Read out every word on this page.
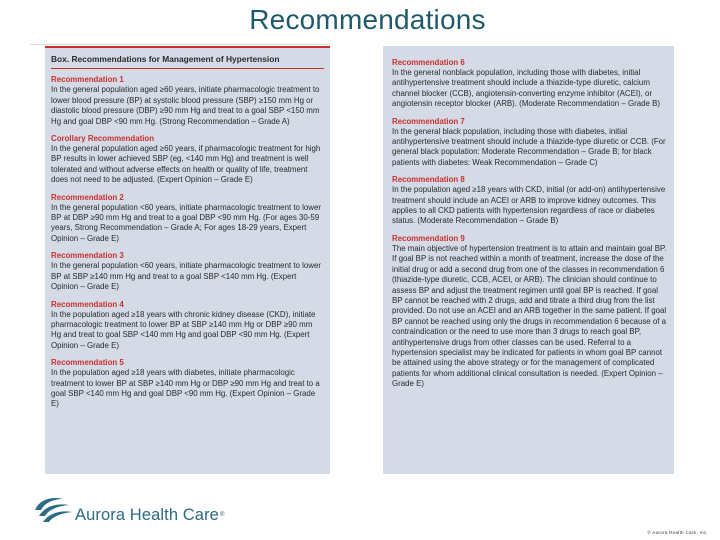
Recommendations
Box. Recommendations for Management of Hypertension
Recommendation 1
In the general population aged ≥60 years, initiate pharmacologic treatment to lower blood pressure (BP) at systolic blood pressure (SBP) ≥150 mm Hg or diastolic blood pressure (DBP) ≥90 mm Hg and treat to a goal SBP <150 mm Hg and goal DBP <90 mm Hg. (Strong Recommendation – Grade A)
Corollary Recommendation
In the general population aged ≥60 years, if pharmacologic treatment for high BP results in lower achieved SBP (eg, <140 mm Hg) and treatment is well tolerated and without adverse effects on health or quality of life, treatment does not need to be adjusted. (Expert Opinion – Grade E)
Recommendation 2
In the general population <60 years, initiate pharmacologic treatment to lower BP at DBP ≥90 mm Hg and treat to a goal DBP <90 mm Hg. (For ages 30-59 years, Strong Recommendation – Grade A; For ages 18-29 years, Expert Opinion – Grade E)
Recommendation 3
In the general population <60 years, initiate pharmacologic treatment to lower BP at SBP ≥140 mm Hg and treat to a goal SBP <140 mm Hg. (Expert Opinion – Grade E)
Recommendation 4
In the population aged ≥18 years with chronic kidney disease (CKD), initiate pharmacologic treatment to lower BP at SBP ≥140 mm Hg or DBP ≥90 mm Hg and treat to goal SBP <140 mm Hg and goal DBP <90 mm Hg. (Expert Opinion – Grade E)
Recommendation 5
In the population aged ≥18 years with diabetes, initiate pharmacologic treatment to lower BP at SBP ≥140 mm Hg or DBP ≥90 mm Hg and treat to a goal SBP <140 mm Hg and goal DBP <90 mm Hg. (Expert Opinion – Grade E)
Recommendation 6
In the general nonblack population, including those with diabetes, initial antihypertensive treatment should include a thiazide-type diuretic, calcium channel blocker (CCB), angiotensin-converting enzyme inhibitor (ACEI), or angiotensin receptor blocker (ARB). (Moderate Recommendation – Grade B)
Recommendation 7
In the general black population, including those with diabetes, initial antihypertensive treatment should include a thiazide-type diuretic or CCB. (For general black population: Moderate Recommendation – Grade B; for black patients with diabetes: Weak Recommendation – Grade C)
Recommendation 8
In the population aged ≥18 years with CKD, initial (or add-on) antihypertensive treatment should include an ACEI or ARB to improve kidney outcomes. This applies to all CKD patients with hypertension regardless of race or diabetes status. (Moderate Recommendation – Grade B)
Recommendation 9
The main objective of hypertension treatment is to attain and maintain goal BP. If goal BP is not reached within a month of treatment, increase the dose of the initial drug or add a second drug from one of the classes in recommendation 6 (thiazide-type diuretic, CCB, ACEI, or ARB). The clinician should continue to assess BP and adjust the treatment regimen until goal BP is reached. If goal BP cannot be reached with 2 drugs, add and titrate a third drug from the list provided. Do not use an ACEI and an ARB together in the same patient. If goal BP cannot be reached using only the drugs in recommendation 6 because of a contraindication or the need to use more than 3 drugs to reach goal BP, antihypertensive drugs from other classes can be used. Referral to a hypertension specialist may be indicated for patients in whom goal BP cannot be attained using the above strategy or for the management of complicated patients for whom additional clinical consultation is needed. (Expert Opinion – Grade E)
Aurora Health Care ®
© Aurora Health Care, Inc.
